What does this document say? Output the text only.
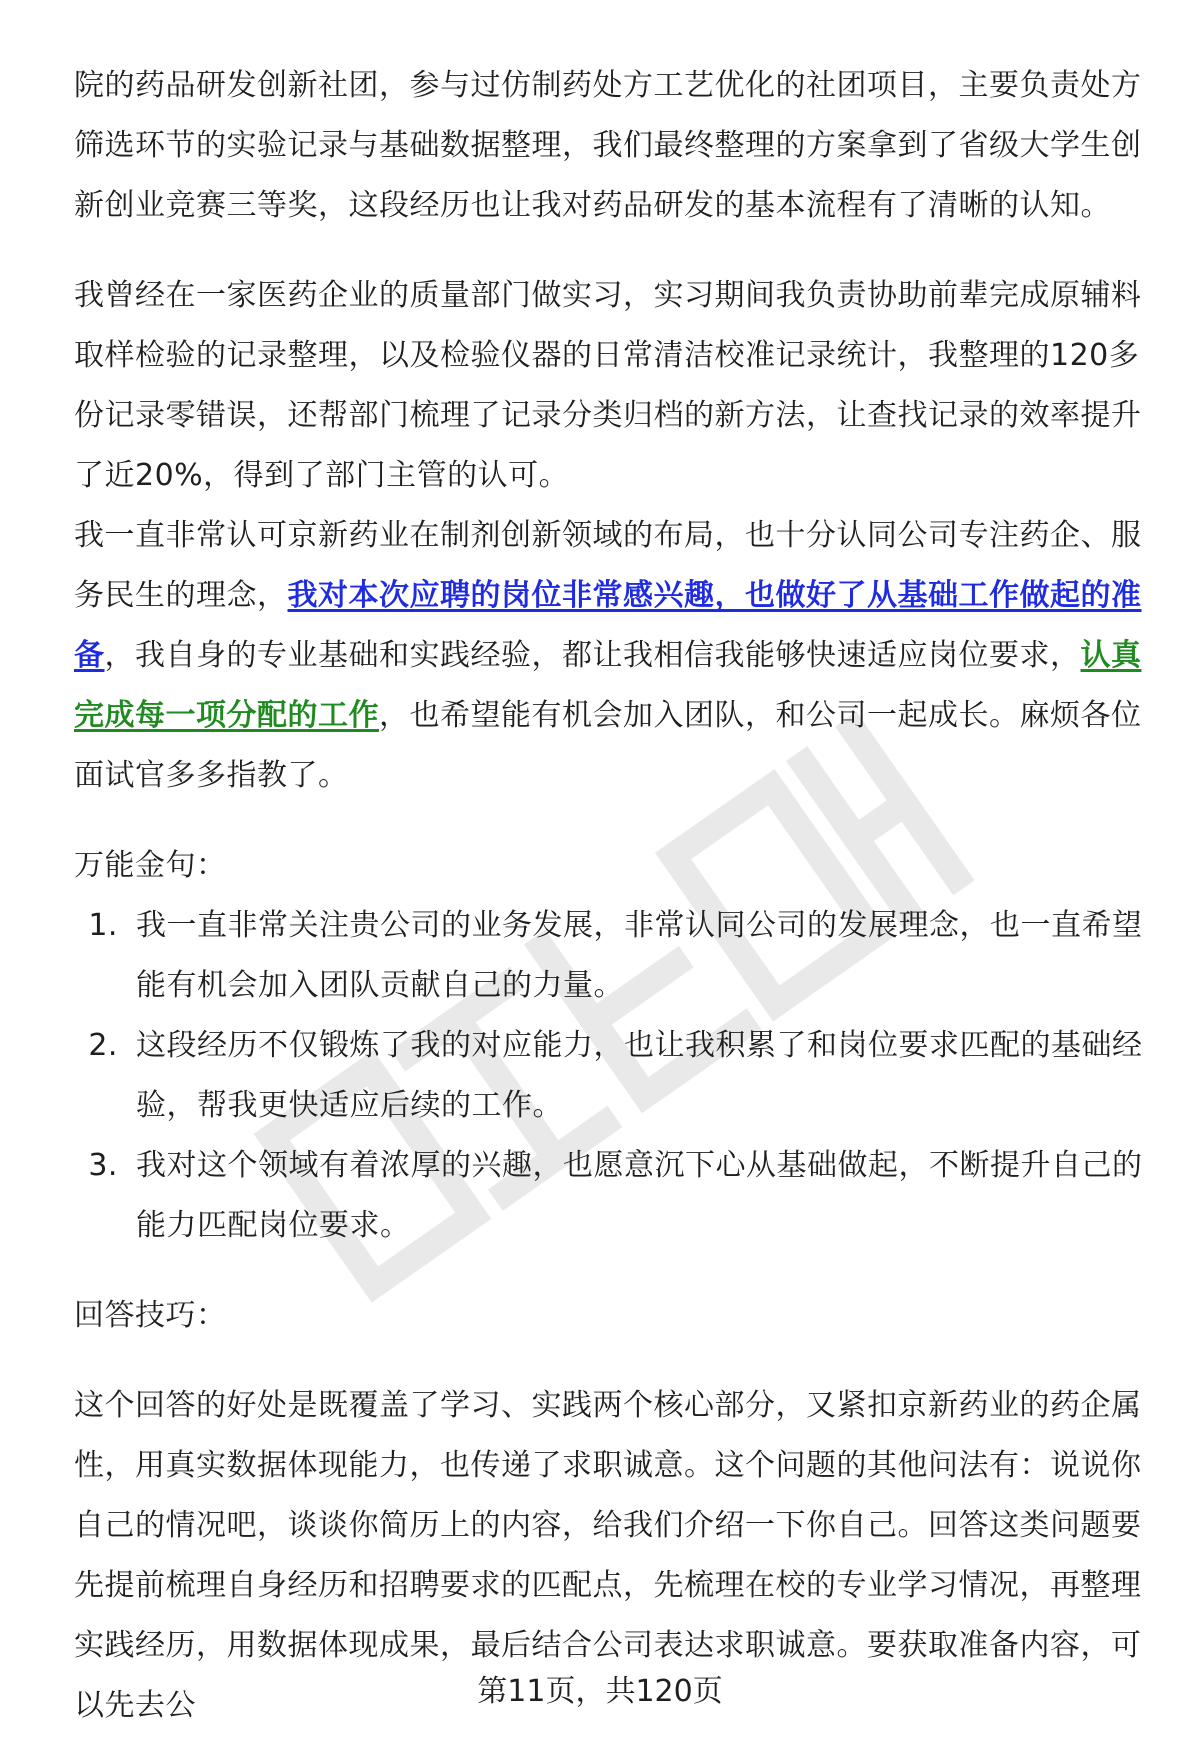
院的药品研发创新社团，参与过仿制药处方工艺优化的社团项目，主要负责处方筛选环节的实验记录与基础数据整理，我们最终整理的方案拿到了省级大学生创新创业竞赛三等奖，这段经历也让我对药品研发的基本流程有了清晰的认知。

我曾经在一家医药企业的质量部门做实习，实习期间我负责协助前辈完成原辅料取样检验的记录整理，以及检验仪器的日常清洁校准记录统计，我整理的120多份记录零错误，还帮部门梳理了记录分类归档的新方法，让查找记录的效率提升了近20%，得到了部门主管的认可。

我一直非常认可京新药业在制剂创新领域的布局，也十分认同公司专注药企、服务民生的理念，我对本次应聘的岗位非常感兴趣，也做好了从基础工作做起的准备，我自身的专业基础和实践经验，都让我相信我能够快速适应岗位要求，认真完成每一项分配的工作，也希望能有机会加入团队，和公司一起成长。麻烦各位面试官多多指教了。

万能金句：

1. 我一直非常关注贵公司的业务发展，非常认同公司的发展理念，也一直希望能有机会加入团队贡献自己的力量。
2. 这段经历不仅锻炼了我的对应能力，也让我积累了和岗位要求匹配的基础经验，帮我更快适应后续的工作。
3. 我对这个领域有着浓厚的兴趣，也愿意沉下心从基础做起，不断提升自己的能力匹配岗位要求。

回答技巧：

这个回答的好处是既覆盖了学习、实践两个核心部分，又紧扣京新药业的药企属性，用真实数据体现能力，也传递了求职诚意。这个问题的其他问法有：说说你自己的情况吧，谈谈你简历上的内容，给我们介绍一下你自己。回答这类问题要先提前梳理自身经历和招聘要求的匹配点，先梳理在校的专业学习情况，再整理实践经历，用数据体现成果，最后结合公司表达求职诚意。要获取准备内容，可以先去公	第11页，共120页
